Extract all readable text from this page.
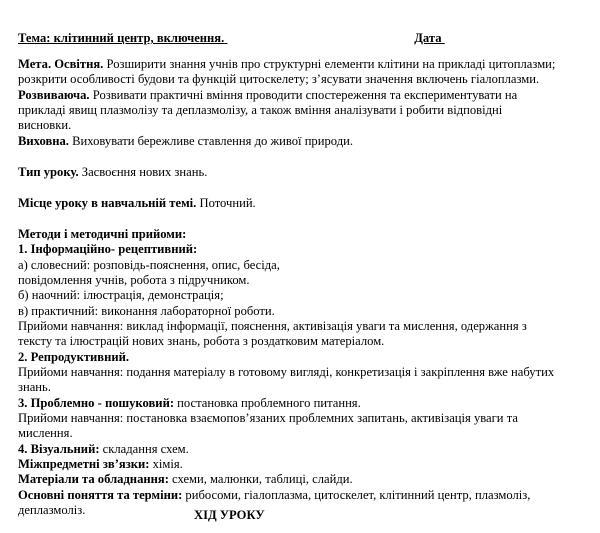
Тема: клітинний центр, включення.	Дата
Мета. Освітня. Розширити знання учнів про структурні елементи клітини на прикладі цитоплазми;
розкрити особливості будови та функцій цитоскелету; з’ясувати значення включень гіалоплазми.
Розвиваюча. Розвивати практичні вміння проводити спостереження та експериментувати на
прикладі явищ плазмолізу та деплазмолізу, а також вміння аналізувати і робити відповідні
висновки.
Виховна. Виховувати бережливе ставлення до живої природи.
Тип уроку. Засвоєння нових знань.
Місце уроку в навчальній темі. Поточний.
Методи і методичні прийоми:
1. Інформаційно- рецептивний:
а) словесний: розповідь-пояснення, опис, бесіда,
повідомлення учнів, робота з підручником.
б) наочний: ілюстрація, демонстрація;
в) практичний: виконання лабораторної роботи.
Прийоми навчання: виклад інформації, пояснення, активізація уваги та мислення, одержання з
тексту та ілюстрацій нових знань, робота з роздатковим матеріалом.
2. Репродуктивний.
Прийоми навчання: подання матеріалу в готовому вигляді, конкретизація і закріплення вже набутих
знань.
3. Проблемно - пошуковий: постановка проблемного питання.
Прийоми навчання: постановка взаємопов’язаних проблемних запитань, активізація уваги та
мислення.
4. Візуальний: складання схем.
Міжпредметні зв’язки: хімія.
Матеріали та обладнання: схеми, малюнки, таблиці, слайди.
Основні поняття та терміни: рибосоми, гіалоплазма, цитоскелет, клітинний центр, плазмоліз,
деплазмоліз.	ХІД УРОКУ
